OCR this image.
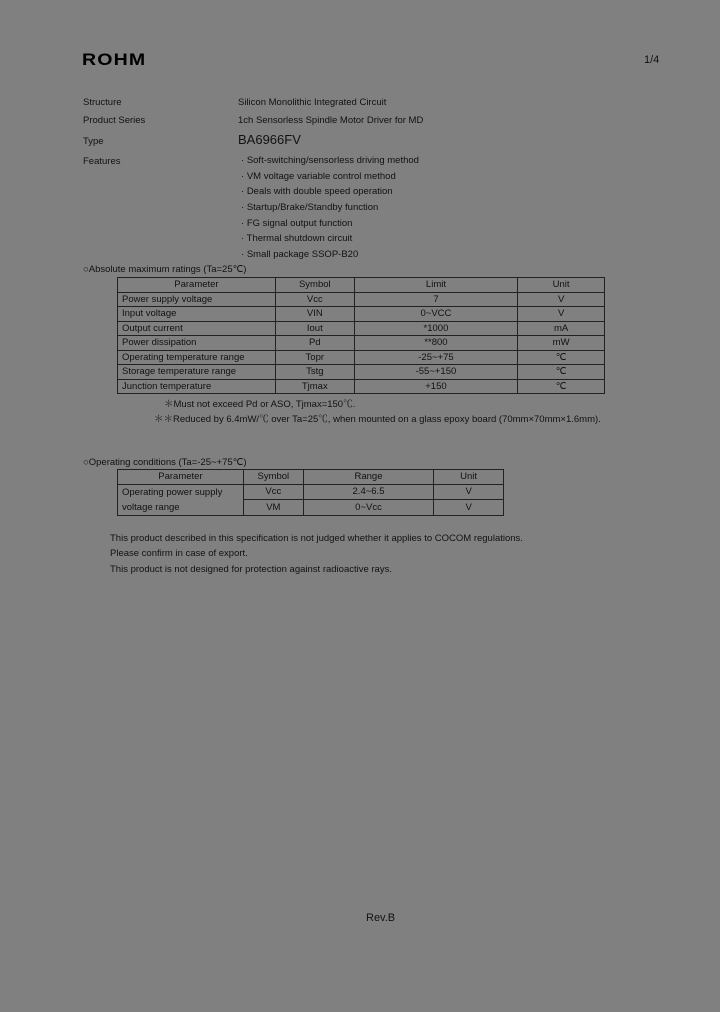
ROHM	1/4
Structure	Silicon Monolithic Integrated Circuit
Product Series	1ch Sensorless Spindle Motor Driver for MD
Type	BA6966FV
Features	· Soft-switching/sensorless driving method
· VM voltage variable control method
· Deals with double speed operation
· Startup/Brake/Standby function
· FG signal output function
· Thermal shutdown circuit
· Small package SSOP-B20
○Absolute maximum ratings (Ta=25℃)
Parameter	Symbol	Limit	Unit
Power supply voltage	Vcc	7	V
Input voltage	VIN	0~VCC	V
Output current	Iout	*1000	mA
Power dissipation	Pd	**800	mW
Operating temperature range	Topr	-25~+75	℃
Storage temperature range	Tstg	-55~+150	℃
Junction temperature	Tjmax	+150	℃
＊Must not exceed Pd or ASO, Tjmax=150℃.
＊＊Reduced by 6.4mW/℃ over Ta=25℃, when mounted on a glass epoxy board (70mm×70mm×1.6mm).
○Operating conditions (Ta=-25~+75℃)
Parameter	Symbol	Range	Unit
Operating power supply
voltage range	Vcc	2.4~6.5	V
	VM	0~Vcc	V
This product described in this specification is not judged whether it applies to COCOM regulations.
Please confirm in case of export.
This product is not designed for protection against radioactive rays.
Rev.B
